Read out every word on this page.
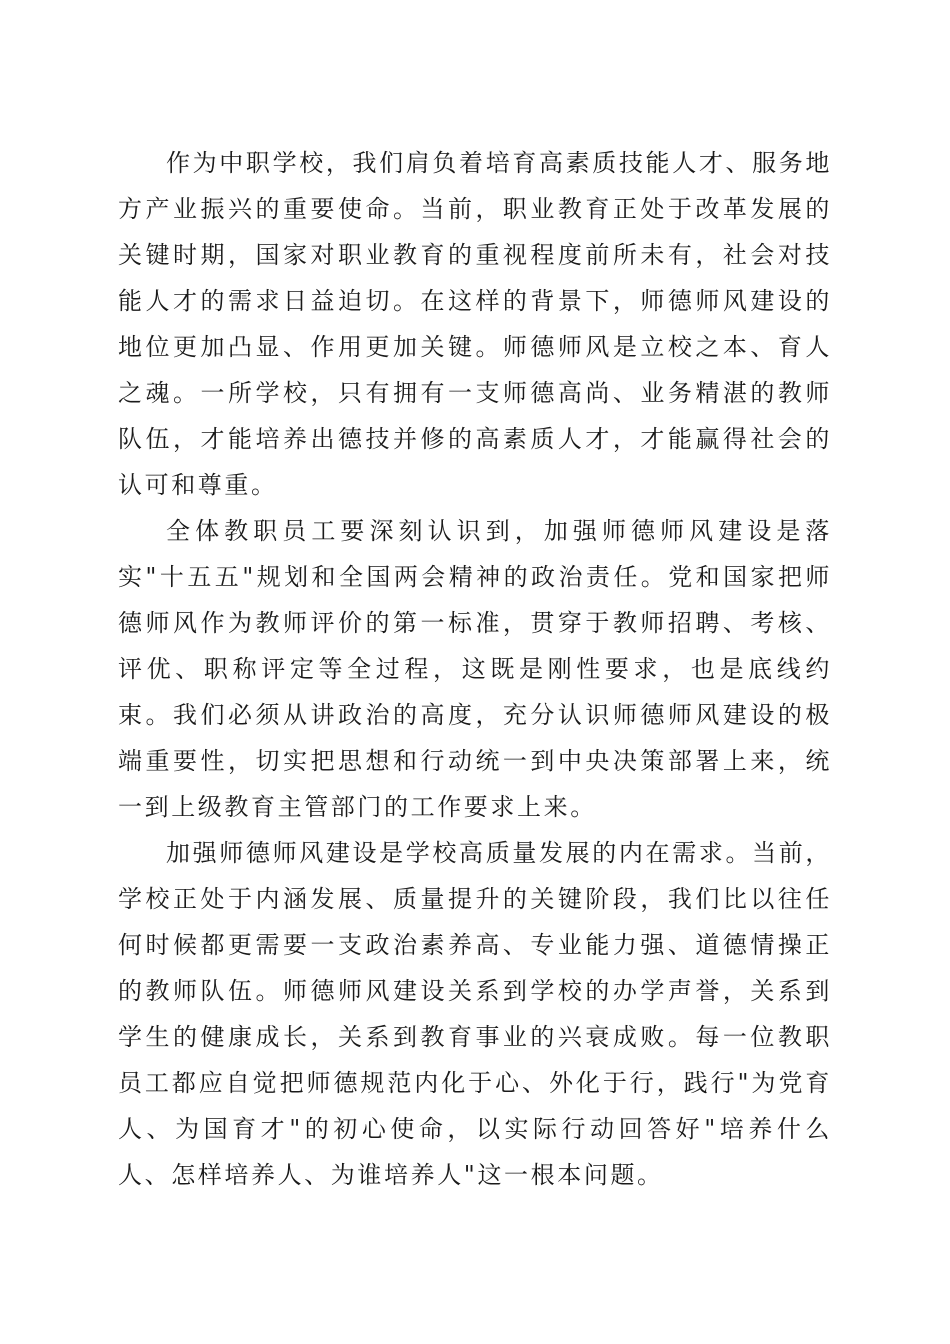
作为中职学校，我们肩负着培育高素质技能人才、服务地方产业振兴的重要使命。当前，职业教育正处于改革发展的关键时期，国家对职业教育的重视程度前所未有，社会对技能人才的需求日益迫切。在这样的背景下，师德师风建设的地位更加凸显、作用更加关键。师德师风是立校之本、育人之魂。一所学校，只有拥有一支师德高尚、业务精湛的教师队伍，才能培养出德技并修的高素质人才，才能赢得社会的认可和尊重。

全体教职员工要深刻认识到，加强师德师风建设是落实"十五五"规划和全国两会精神的政治责任。党和国家把师德师风作为教师评价的第一标准，贯穿于教师招聘、考核、评优、职称评定等全过程，这既是刚性要求，也是底线约束。我们必须从讲政治的高度，充分认识师德师风建设的极端重要性，切实把思想和行动统一到中央决策部署上来，统一到上级教育主管部门的工作要求上来。

加强师德师风建设是学校高质量发展的内在需求。当前，学校正处于内涵发展、质量提升的关键阶段，我们比以往任何时候都更需要一支政治素养高、专业能力强、道德情操正的教师队伍。师德师风建设关系到学校的办学声誉，关系到学生的健康成长，关系到教育事业的兴衰成败。每一位教职员工都应自觉把师德规范内化于心、外化于行，践行"为党育人、为国育才"的初心使命，以实际行动回答好"培养什么人、怎样培养人、为谁培养人"这一根本问题。
